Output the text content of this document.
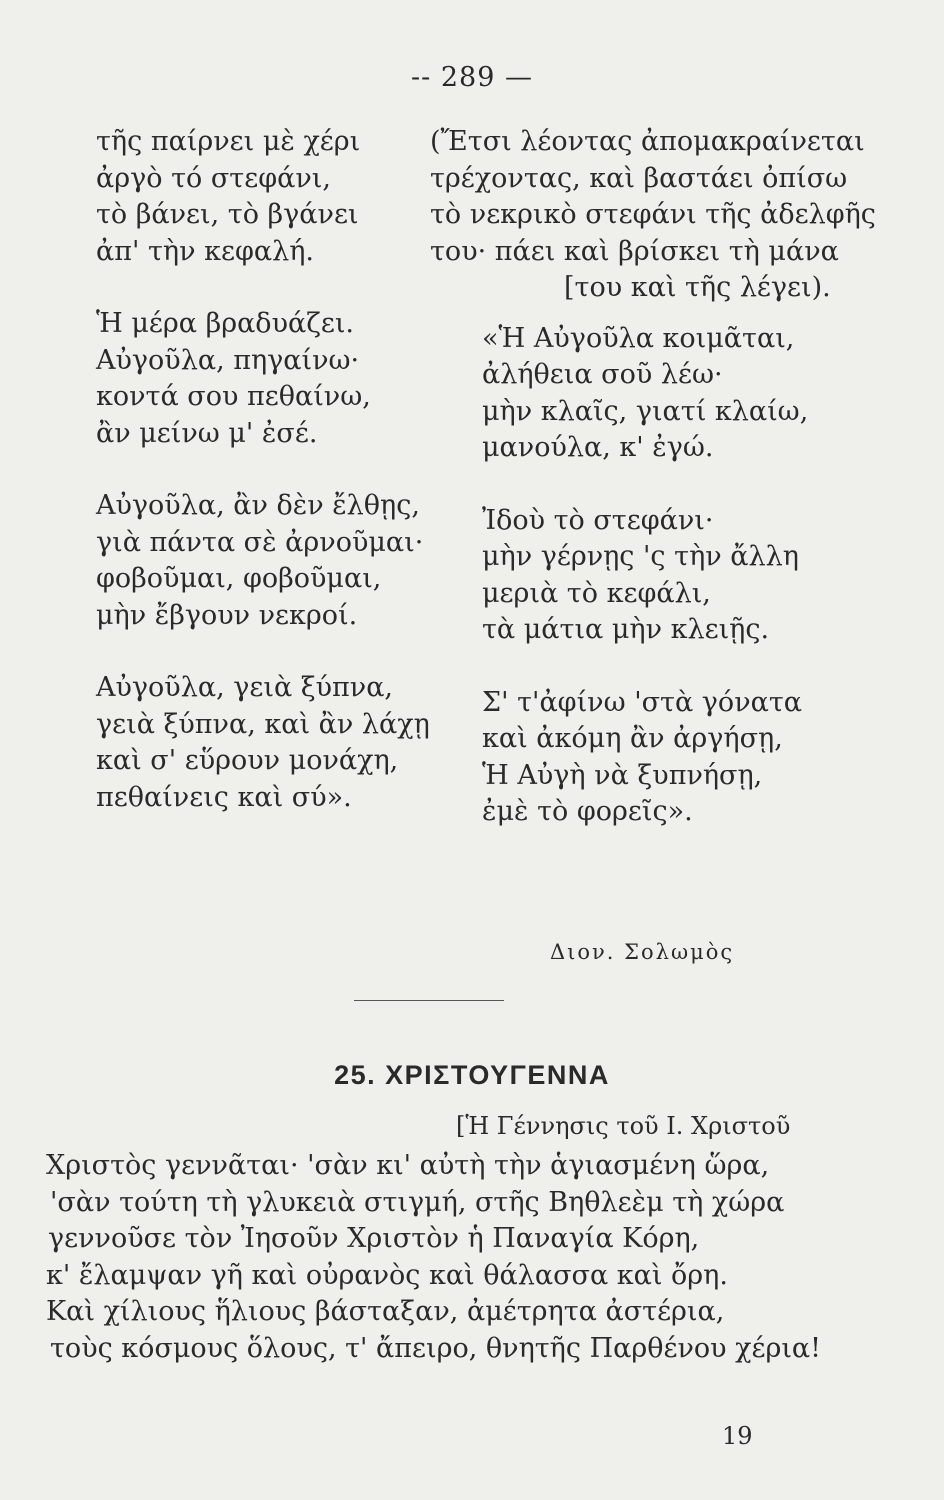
-- 289 —
τῆς παίρνει μὲ χέρι
ἀργὸ τό στεφάνι,
τὸ βάνει, τὸ βγάνει
ἀπ' τὴν κεφαλή.
Ἡ μέρα βραδυάζει.
Αὐγοῦλα, πηγαίνω·
κοντά σου πεθαίνω,
ἂν μείνω μ' ἐσέ.
Αὐγοῦλα, ἂν δὲν ἔλθῃς,
γιὰ πάντα σὲ ἀρνοῦμαι·
φοβοῦμαι, φοβοῦμαι,
μὴν ἔβγουν νεκροί.
Αὐγοῦλα, γειὰ ξύπνα,
γειὰ ξύπνα, καὶ ἂν λάχῃ
καὶ σ' εὕρουν μονάχη,
πεθαίνεις καὶ σύ».
(Ἔτσι λέοντας ἀπομακραίνεται
τρέχοντας, καὶ βαστάει ὀπίσω
τὸ νεκρικὸ στεφάνι τῆς ἀδελφῆς
του· πάει καὶ βρίσκει τὴ μάνα
[του καὶ τῆς λέγει).
«Ἡ Αὐγοῦλα κοιμᾶται,
ἀλήθεια σοῦ λέω·
μὴν κλαῖς, γιατί κλαίω,
μανούλα, κ' ἐγώ.
Ἰδοὺ τὸ στεφάνι·
μὴν γέρνῃς 'ς τὴν ἄλλη
μεριὰ τὸ κεφάλι,
τὰ μάτια μὴν κλειῇς.
Σ' τ'ἀφίνω 'στὰ γόνατα
καὶ ἀκόμη ἂν ἀργήσῃ,
Ἡ Αὐγὴ νὰ ξυπνήσῃ,
ἐμὲ τὸ φορεῖς».
Διον. Σολωμὸς
25. ΧΡΙΣΤΟΥΓΕΝΝΑ
[Ἡ Γέννησις τοῦ Ι. Χριστοῦ
Χριστὸς γεννᾶται· 'σὰν κι' αὐτὴ τὴν ἁγιασμένη ὥρα,
'σὰν τούτη τὴ γλυκειὰ στιγμή, στῆς Βηθλεὲμ τὴ χώρα
γεννοῦσε τὸν Ἰησοῦν Χριστὸν ἡ Παναγία Κόρη,
κ' ἔλαμψαν γῆ καὶ οὐρανὸς καὶ θάλασσα καὶ ὄρη.
Καὶ χίλιους ἥλιους βάσταξαν, ἀμέτρητα ἀστέρια,
τοὺς κόσμους ὅλους, τ' ἄπειρο, θνητῆς Παρθένου χέρια!
19
